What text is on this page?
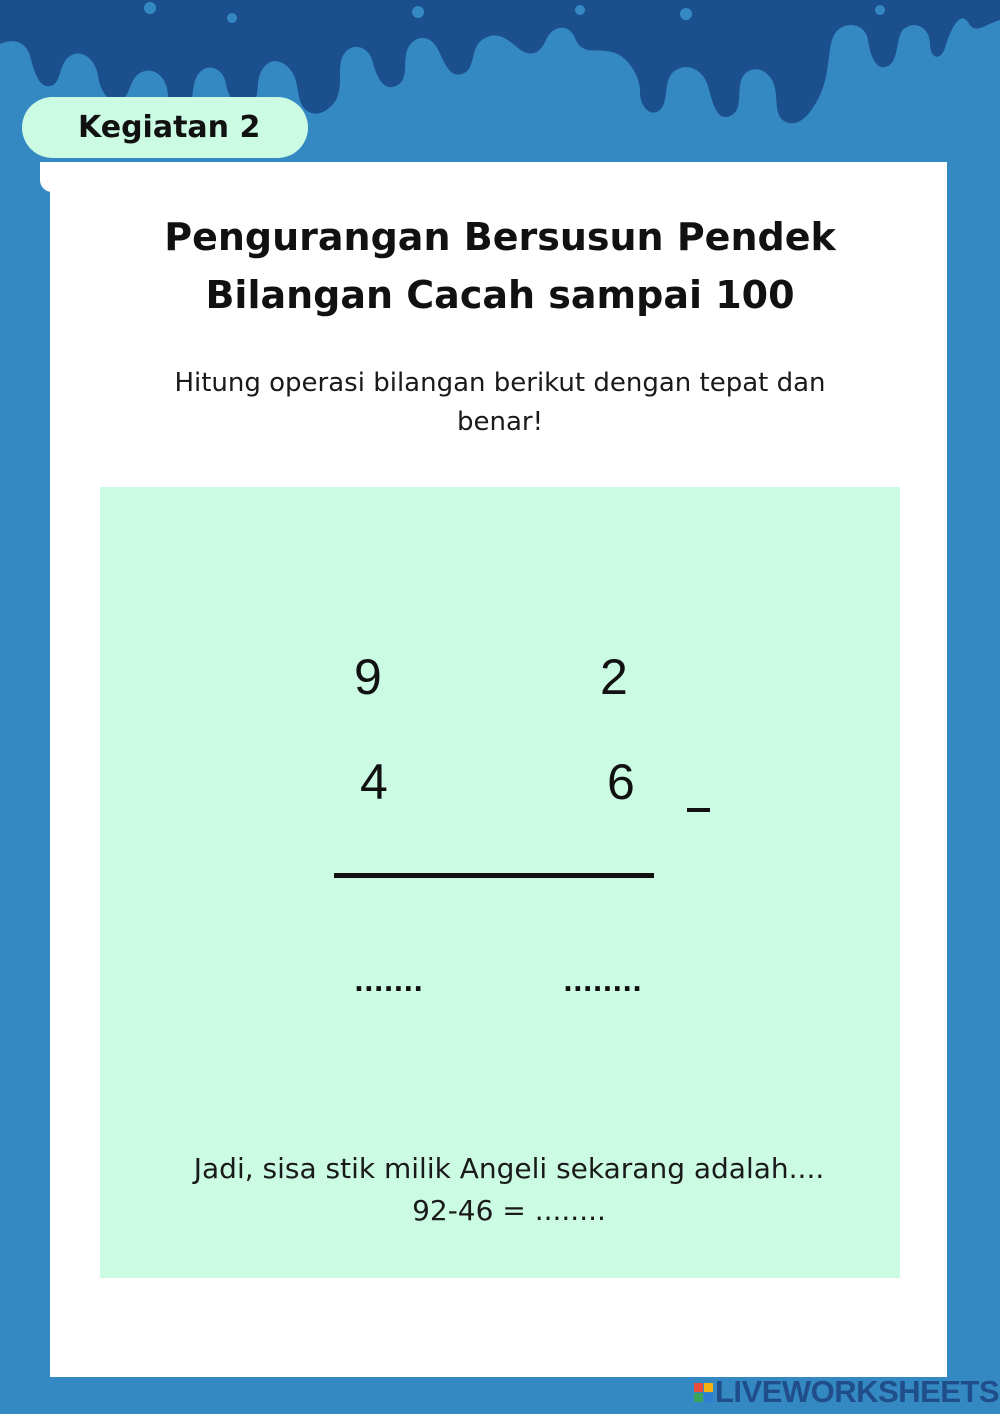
Kegiatan 2
Pengurangan Bersusun Pendek
Bilangan Cacah sampai 100
Hitung operasi bilangan berikut dengan tepat dan
benar!
9	2
4	6
.......	........
Jadi, sisa stik milik Angeli sekarang adalah....
92-46 = ........
LIVEWORKSHEETS
